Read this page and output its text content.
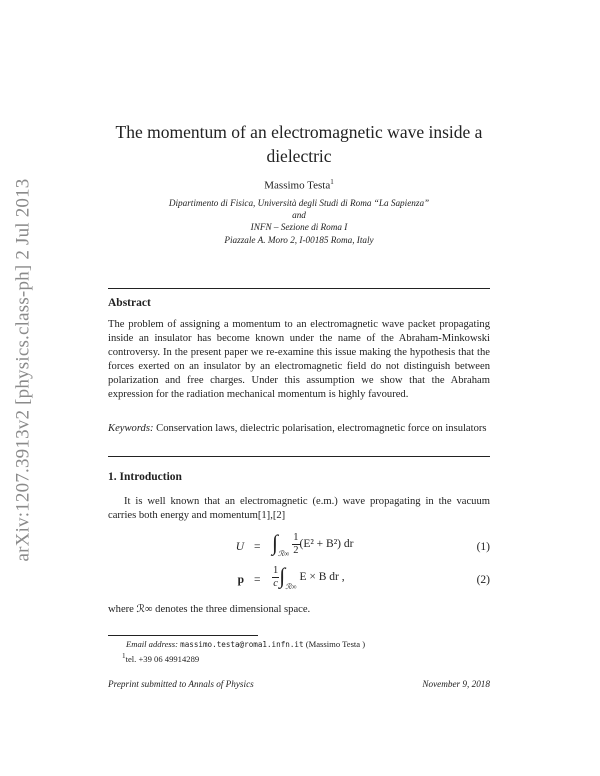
arXiv:1207.3913v2 [physics.class-ph] 2 Jul 2013
The momentum of an electromagnetic wave inside a dielectric
Massimo Testa$^1$
Dipartimento di Fisica, Università degli Studi di Roma “La Sapienza”
and
INFN – Sezione di Roma I
Piazzale A. Moro 2, I-00185 Roma, Italy
Abstract
The problem of assigning a momentum to an electromagnetic wave packet propagating inside an insulator has become known under the name of the Abraham-Minkowski controversy. In the present paper we re-examine this issue making the hypothesis that the forces exerted on an insulator by an electromagnetic field do not distinguish between polarization and free charges. Under this assumption we show that the Abraham expression for the radiation mechanical momentum is highly favoured.
Keywords: Conservation laws, dielectric polarisation, electromagnetic force on insulators
1. Introduction
It is well known that an electromagnetic (e.m.) wave propagating in the vacuum carries both energy and momentum[1],[2]
$U = \int_{ℛ\infty} \frac{1}{2} (E^2 + B^2)$ dr	(1)
$p = \frac{1}{c} \int_{ℛ\infty}$ E × B dr ,	(2)
where ℛ∞ denotes the three dimensional space.
Email address: massimo.testa@roma1.infn.it (Massimo Testa )
$^1$tel. +39 06 49914289
Preprint submitted to Annals of Physics	November 9, 2018
